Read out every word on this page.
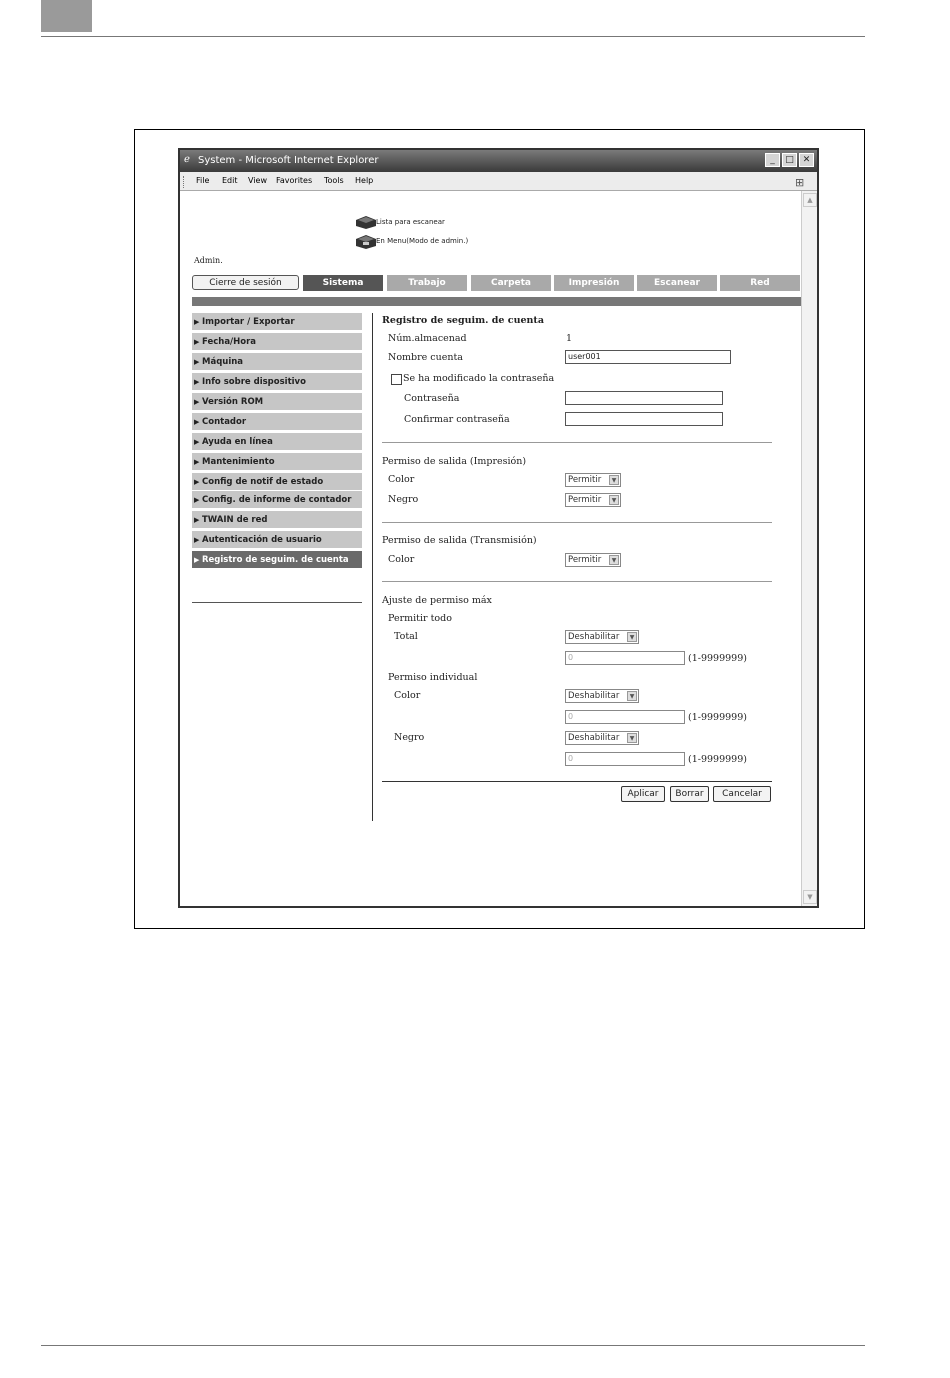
ℯ System - Microsoft Internet Explorer	_	□ ✕
File Edit View Favorites Tools Help	⊞
Lista para escanear
En Menu(Modo de admin.)
Admin.
Cierre de sesión	Sistema	Trabajo	Carpeta	Impresión	Escanear	Red
▶ Importar / Exportar
▶ Fecha/Hora
▶ Máquina
▶ Info sobre dispositivo
▶ Versión ROM
▶ Contador
▶ Ayuda en línea
▶ Mantenimiento
▶ Config de notif de estado
▶ Config. de informe de contador
▶ TWAIN de red
▶ Autenticación de usuario
▶ Registro de seguim. de cuenta
Registro de seguim. de cuenta
Núm.almacenad	1
Nombre cuenta	user001
Se ha modificado la contraseña
Contraseña
Confirmar contraseña
Permiso de salida (Impresión)
Color	Permitir	▼
Negro	Permitir	▼
Permiso de salida (Transmisión)
Color	Permitir	▼
Ajuste de permiso máx
Permitir todo
Total	Deshabilitar	▼
0	(1-9999999)
Permiso individual
Color	Deshabilitar	▼
0	(1-9999999)
Negro	Deshabilitar	▼
0	(1-9999999)
Aplicar	Borrar	Cancelar
▲
▼
